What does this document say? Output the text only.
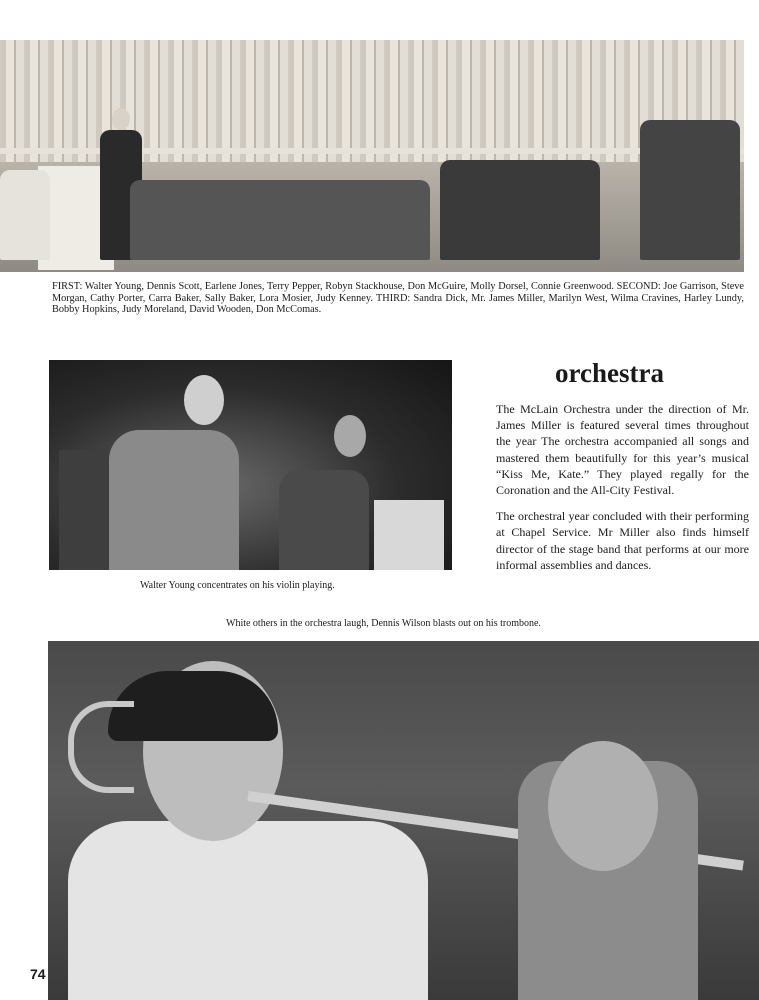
FIRST: Walter Young, Dennis Scott, Earlene Jones, Terry Pepper, Robyn Stackhouse, Don McGuire, Molly Dorsel, Connie Greenwood. SECOND: Joe Garrison, Steve Morgan, Cathy Porter, Carra Baker, Sally Baker, Lora Mosier, Judy Kenney. THIRD: Sandra Dick, Mr. James Miller, Marilyn West, Wilma Cravines, Harley Lundy, Bobby Hopkins, Judy Moreland, David Wooden, Don McComas.
orchestra

The McLain Orchestra under the direction of Mr. James Miller is featured several times throughout the year The orchestra accompanied all songs and mastered them beautifully for this year’s musical “Kiss Me, Kate.” They played regally for the Coronation and the All-City Festival.

The orchestral year concluded with their performing at Chapel Service. Mr Miller also finds himself director of the stage band that performs at our more informal assemblies and dances.

Walter Young concentrates on his violin playing.
White others in the orchestra laugh, Dennis Wilson blasts out on his trombone.
74
